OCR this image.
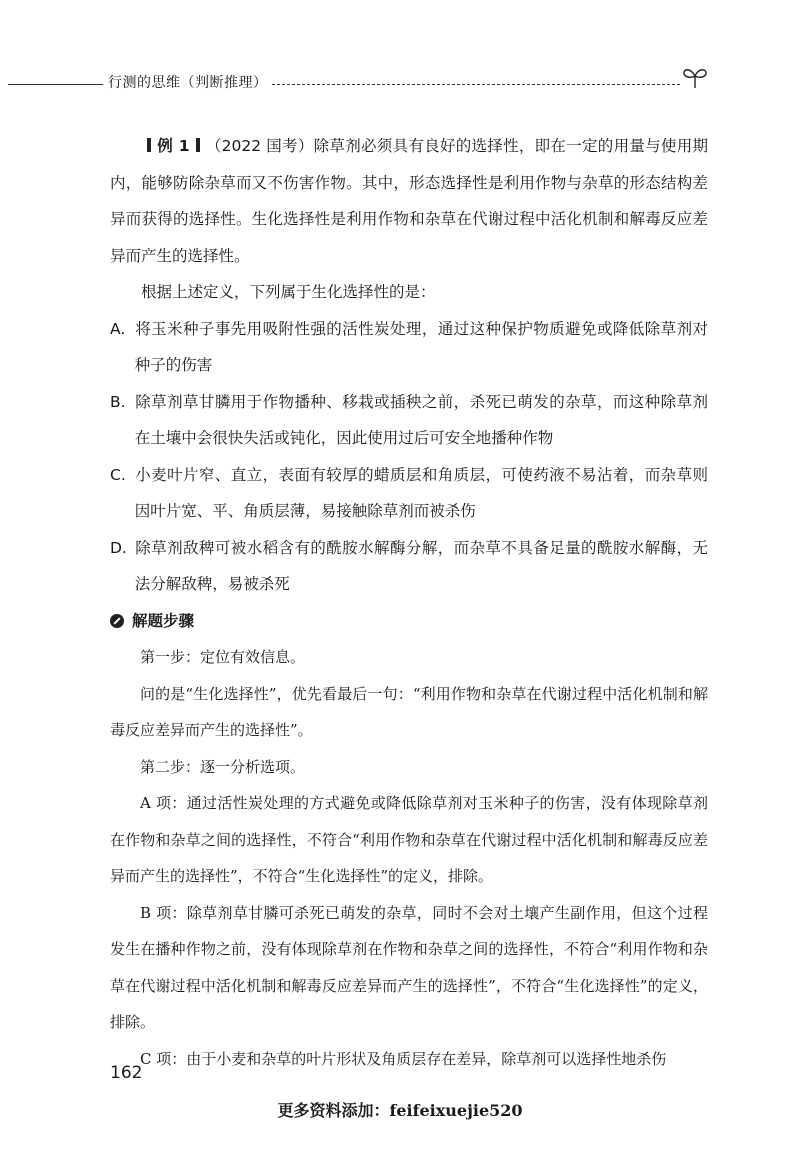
行测的思维（判断推理）

例 1 （2022 国考）除草剂必须具有良好的选择性，即在一定的用量与使用期内，能够防除杂草而又不伤害作物。其中，形态选择性是利用作物与杂草的形态结构差异而获得的选择性。生化选择性是利用作物和杂草在代谢过程中活化机制和解毒反应差异而产生的选择性。

根据上述定义，下列属于生化选择性的是：

A. 将玉米种子事先用吸附性强的活性炭处理，通过这种保护物质避免或降低除草剂对种子的伤害

B. 除草剂草甘膦用于作物播种、移栽或插秧之前，杀死已萌发的杂草，而这种除草剂在土壤中会很快失活或钝化，因此使用过后可安全地播种作物

C. 小麦叶片窄、直立，表面有较厚的蜡质层和角质层，可使药液不易沾着，而杂草则因叶片宽、平、角质层薄，易接触除草剂而被杀伤

D. 除草剂敌稗可被水稻含有的酰胺水解酶分解，而杂草不具备足量的酰胺水解酶，无法分解敌稗，易被杀死

解题步骤

第一步：定位有效信息。

问的是“生化选择性”，优先看最后一句：“利用作物和杂草在代谢过程中活化机制和解毒反应差异而产生的选择性”。

第二步：逐一分析选项。

A 项：通过活性炭处理的方式避免或降低除草剂对玉米种子的伤害，没有体现除草剂在作物和杂草之间的选择性，不符合“利用作物和杂草在代谢过程中活化机制和解毒反应差异而产生的选择性”，不符合“生化选择性”的定义，排除。

B 项：除草剂草甘膦可杀死已萌发的杂草，同时不会对土壤产生副作用，但这个过程发生在播种作物之前，没有体现除草剂在作物和杂草之间的选择性，不符合“利用作物和杂草在代谢过程中活化机制和解毒反应差异而产生的选择性”，不符合“生化选择性”的定义，排除。

C 项：由于小麦和杂草的叶片形状及角质层存在差异，除草剂可以选择性地杀伤

162
更多资料添加：feifeixuejie520
